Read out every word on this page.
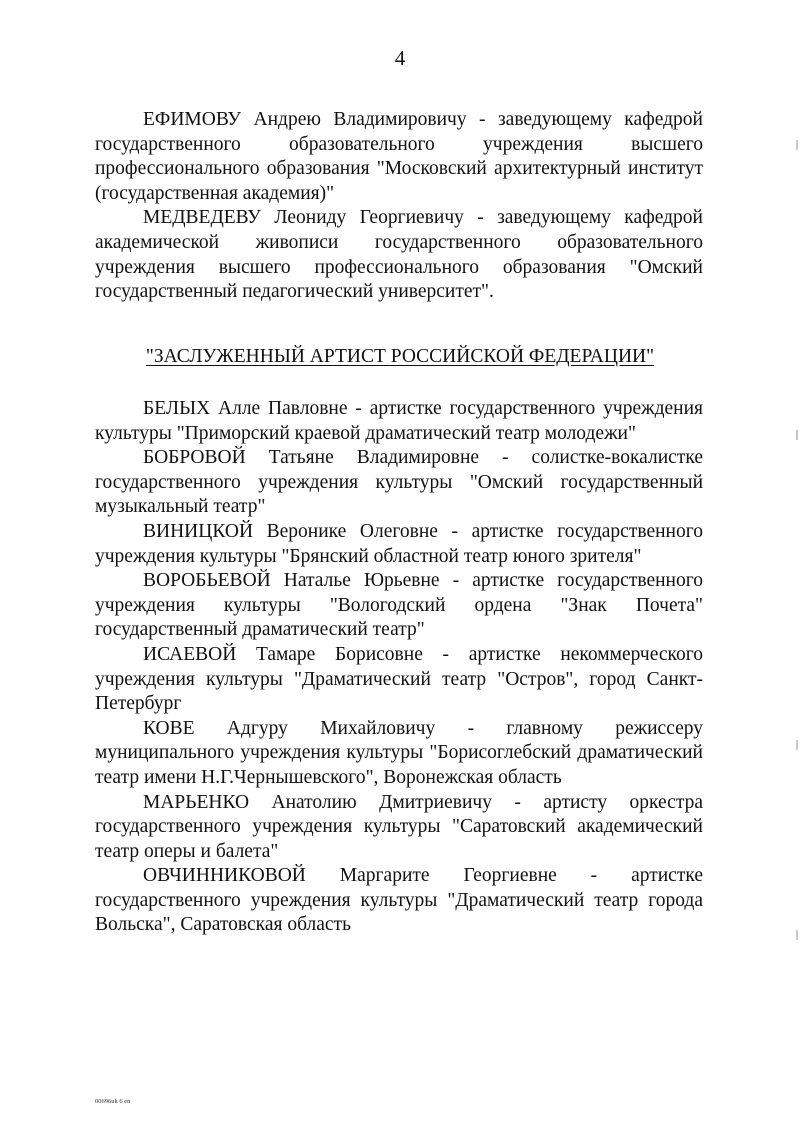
4

ЕФИМОВУ Андрею Владимировичу - заведующему кафедрой государственного образовательного учреждения высшего профессионального образования "Московский архитектурный институт (государственная академия)"

МЕДВЕДЕВУ Леониду Георгиевичу - заведующему кафедрой академической живописи государственного образовательного учреждения высшего профессионального образования "Омский государственный педагогический университет".

"ЗАСЛУЖЕННЫЙ АРТИСТ РОССИЙСКОЙ ФЕДЕРАЦИИ"

БЕЛЫХ Алле Павловне - артистке государственного учреждения культуры "Приморский краевой драматический театр молодежи"

БОБРОВОЙ Татьяне Владимировне - солистке-вокалистке государственного учреждения культуры "Омский государственный музыкальный театр"

ВИНИЦКОЙ Веронике Олеговне - артистке государственного учреждения культуры "Брянский областной театр юного зрителя"

ВОРОБЬЕВОЙ Наталье Юрьевне - артистке государственного учреждения культуры "Вологодский ордена "Знак Почета" государственный драматический театр"

ИСАЕВОЙ Тамаре Борисовне - артистке некоммерческого учреждения культуры "Драматический театр "Остров", город Санкт-Петербург

КОВЕ Адгуру Михайловичу - главному режиссеру муниципального учреждения культуры "Борисоглебский драматический театр имени Н.Г.Чернышевского", Воронежская область

МАРЬЕНКО Анатолию Дмитриевичу - артисту оркестра государственного учреждения культуры "Саратовский академический театр оперы и балета"

ОВЧИННИКОВОЙ Маргарите Георгиевне - артистке государственного учреждения культуры "Драматический театр города Вольска", Саратовская область

00696uk 6 en
